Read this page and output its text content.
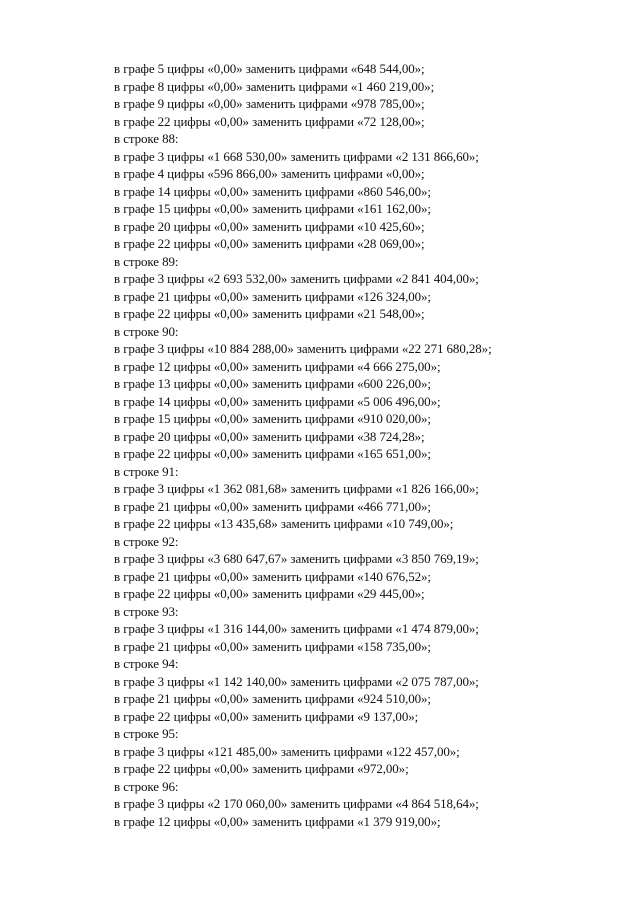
в графе 5 цифры «0,00» заменить цифрами «648 544,00»;

в графе 8 цифры «0,00» заменить цифрами «1 460 219,00»;

в графе 9 цифры «0,00» заменить цифрами «978 785,00»;

в графе 22 цифры «0,00» заменить цифрами «72 128,00»;

в строке 88:

в графе 3 цифры «1 668 530,00» заменить цифрами «2 131 866,60»;

в графе 4 цифры «596 866,00» заменить цифрами «0,00»;

в графе 14 цифры «0,00» заменить цифрами «860 546,00»;

в графе 15 цифры «0,00» заменить цифрами «161 162,00»;

в графе 20 цифры «0,00» заменить цифрами «10 425,60»;

в графе 22 цифры «0,00» заменить цифрами «28 069,00»;

в строке 89:

в графе 3 цифры «2 693 532,00» заменить цифрами «2 841 404,00»;

в графе 21 цифры «0,00» заменить цифрами «126 324,00»;

в графе 22 цифры «0,00» заменить цифрами «21 548,00»;

в строке 90:

в графе 3 цифры «10 884 288,00» заменить цифрами «22 271 680,28»;

в графе 12 цифры «0,00» заменить цифрами «4 666 275,00»;

в графе 13 цифры «0,00» заменить цифрами «600 226,00»;

в графе 14 цифры «0,00» заменить цифрами «5 006 496,00»;

в графе 15 цифры «0,00» заменить цифрами «910 020,00»;

в графе 20 цифры «0,00» заменить цифрами «38 724,28»;

в графе 22 цифры «0,00» заменить цифрами «165 651,00»;

в строке 91:

в графе 3 цифры «1 362 081,68» заменить цифрами «1 826 166,00»;

в графе 21 цифры «0,00» заменить цифрами «466 771,00»;

в графе 22 цифры «13 435,68» заменить цифрами «10 749,00»;

в строке 92:

в графе 3 цифры «3 680 647,67» заменить цифрами «3 850 769,19»;

в графе 21 цифры «0,00» заменить цифрами «140 676,52»;

в графе 22 цифры «0,00» заменить цифрами «29 445,00»;

в строке 93:

в графе 3 цифры «1 316 144,00» заменить цифрами «1 474 879,00»;

в графе 21 цифры «0,00» заменить цифрами «158 735,00»;

в строке 94:

в графе 3 цифры «1 142 140,00» заменить цифрами «2 075 787,00»;

в графе 21 цифры «0,00» заменить цифрами «924 510,00»;

в графе 22 цифры «0,00» заменить цифрами «9 137,00»;

в строке 95:

в графе 3 цифры «121 485,00» заменить цифрами «122 457,00»;

в графе 22 цифры «0,00» заменить цифрами «972,00»;

в строке 96:

в графе 3 цифры «2 170 060,00» заменить цифрами «4 864 518,64»;

в графе 12 цифры «0,00» заменить цифрами «1 379 919,00»;
